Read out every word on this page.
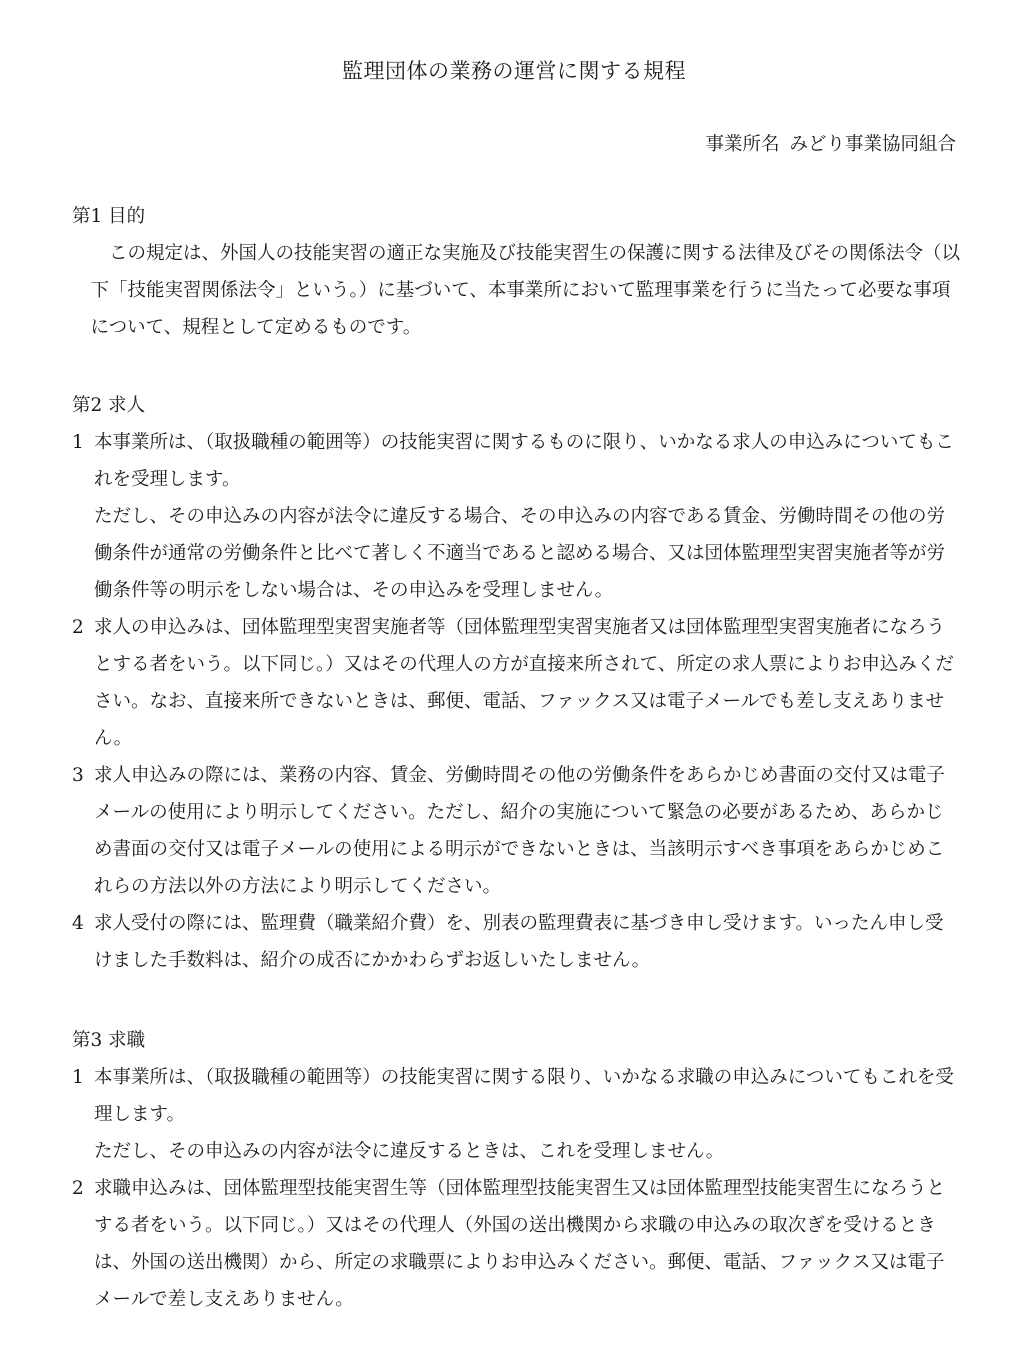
監理団体の業務の運営に関する規程
事業所名 みどり事業協同組合
第1 目的
この規定は、外国人の技能実習の適正な実施及び技能実習生の保護に関する法律及びその関係法令（以下「技能実習関係法令」という。）に基づいて、本事業所において監理事業を行うに当たって必要な事項について、規程として定めるものです。
第2 求人
1 本事業所は、（取扱職種の範囲等）の技能実習に関するものに限り、いかなる求人の申込みについてもこれを受理します。
ただし、その申込みの内容が法令に違反する場合、その申込みの内容である賃金、労働時間その他の労働条件が通常の労働条件と比べて著しく不適当であると認める場合、又は団体監理型実習実施者等が労働条件等の明示をしない場合は、その申込みを受理しません。
2 求人の申込みは、団体監理型実習実施者等（団体監理型実習実施者又は団体監理型実習実施者になろうとする者をいう。以下同じ。）又はその代理人の方が直接来所されて、所定の求人票によりお申込みください。なお、直接来所できないときは、郵便、電話、ファックス又は電子メールでも差し支えありません。
3 求人申込みの際には、業務の内容、賃金、労働時間その他の労働条件をあらかじめ書面の交付又は電子メールの使用により明示してください。ただし、紹介の実施について緊急の必要があるため、あらかじめ書面の交付又は電子メールの使用による明示ができないときは、当該明示すべき事項をあらかじめこれらの方法以外の方法により明示してください。
4 求人受付の際には、監理費（職業紹介費）を、別表の監理費表に基づき申し受けます。いったん申し受けました手数料は、紹介の成否にかかわらずお返しいたしません。
第3 求職
1 本事業所は、（取扱職種の範囲等）の技能実習に関する限り、いかなる求職の申込みについてもこれを受理します。
ただし、その申込みの内容が法令に違反するときは、これを受理しません。
2 求職申込みは、団体監理型技能実習生等（団体監理型技能実習生又は団体監理型技能実習生になろうとする者をいう。以下同じ。）又はその代理人（外国の送出機関から求職の申込みの取次ぎを受けるときは、外国の送出機関）から、所定の求職票によりお申込みください。郵便、電話、ファックス又は電子メールで差し支えありません。
